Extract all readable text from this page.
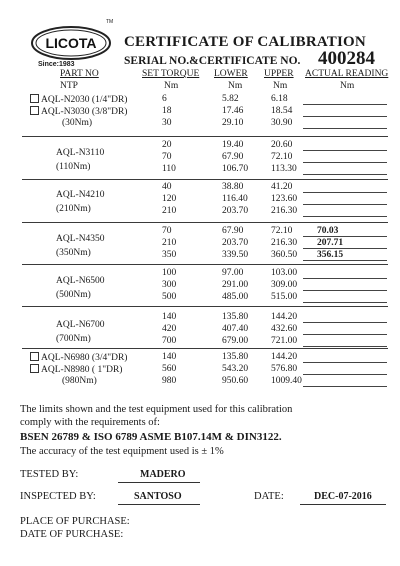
LICOTA
TM
Since:1983
CERTIFICATE OF CALIBRATION
SERIAL NO.&CERTIFICATE NO. 400284
PART NO	SET TORQUE LOWER UPPER ACTUAL READING
NTP	Nm	Nm	Nm	Nm
AQL-N2030 (1/4"DR)
AQL-N3030 (3/8"DR)
(30Nm)
6	5.82	6.18
18	17.46	18.54
30	29.10	30.90
AQL-N3110
(110Nm)
20	19.40	20.60
70	67.90	72.10
110	106.70 113.30
AQL-N4210
(210Nm)
40	38.80	41.20
120	116.40 123.60
210	203.70 216.30
AQL-N4350
(350Nm)
70	67.90	72.10	70.03
210	203.70 216.30 207.71
350	339.50 360.50 356.15
AQL-N6500
(500Nm)
100	97.00	103.00
300	291.00 309.00
500	485.00 515.00
AQL-N6700
(700Nm)
140	135.80 144.20
420	407.40 432.60
700	679.00 721.00
AQL-N6980 (3/4"DR)
AQL-N8980 ( 1"DR)
(980Nm)
140	135.80 144.20
560	543.20 576.80
980	950.60 1009.40
The limits shown and the test equipment used for this calibration
comply with the requirements of:
BSEN 26789 & ISO 6789 ASME B107.14M & DIN3122.
The accuracy of the test equipment used is ± 1%
TESTED BY:	MADERO
INSPECTED BY:	SANTOSO	DATE:	DEC-07-2016
PLACE OF PURCHASE:
DATE OF PURCHASE:
